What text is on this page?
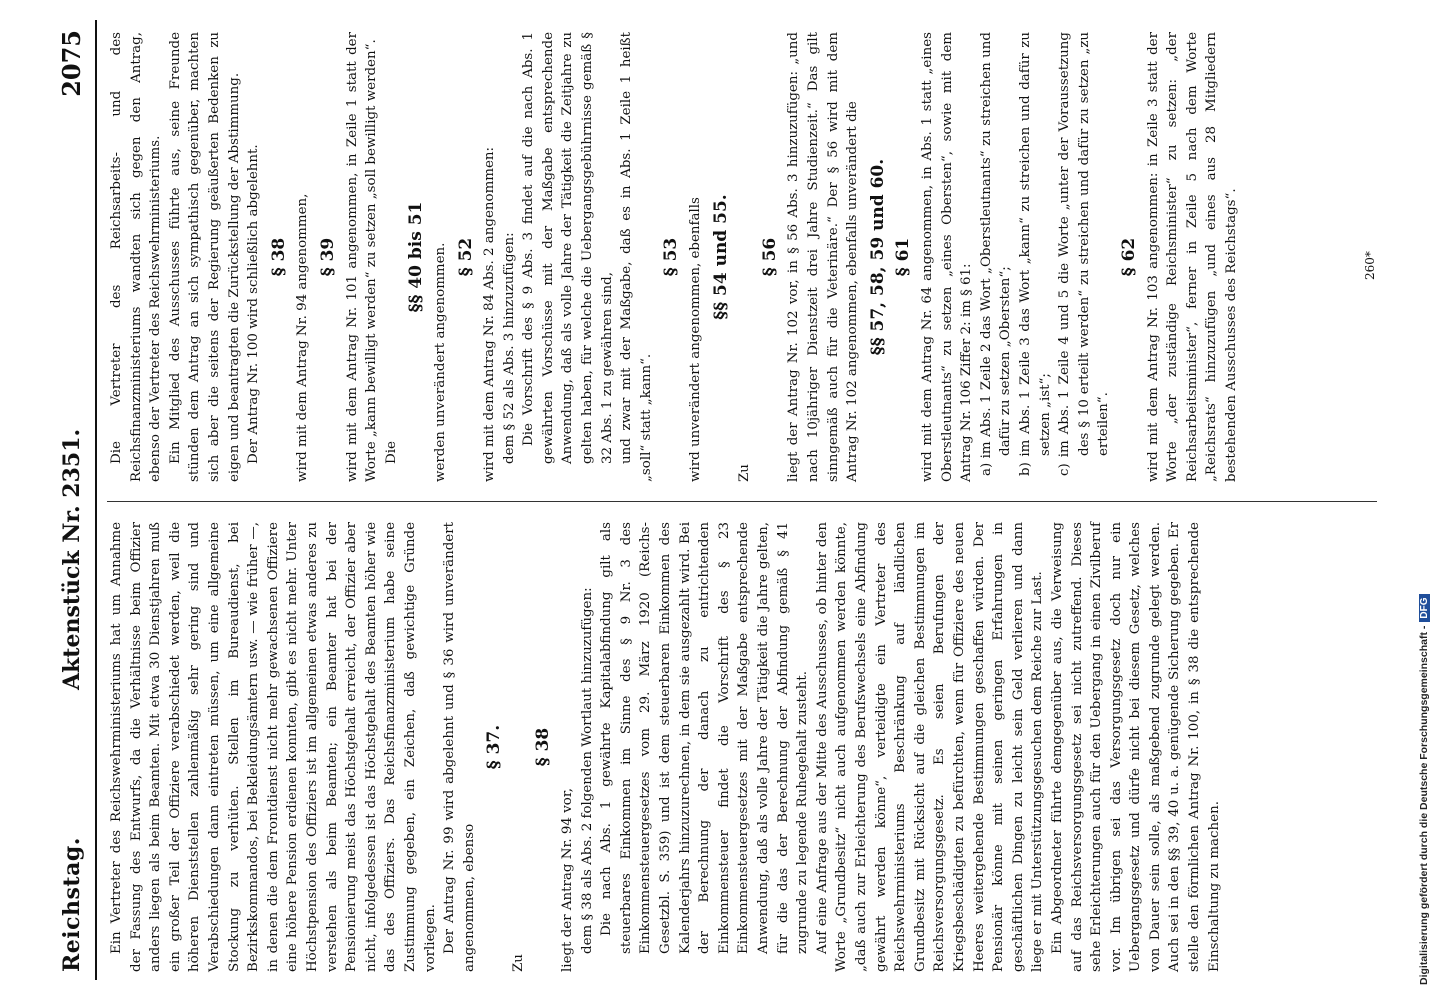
Reichstag.
Aktenstück Nr. 2351.
2075

Ein Vertreter des Reichswehrministeriums hat um Annahme der Fassung des Entwurfs, da die Verhältnisse beim Offizier anders liegen als beim Beamten. Mit etwa 30 Dienstjahren muß ein großer Teil der Offiziere verabschiedet werden, weil die höheren Dienststellen zahlenmäßig sehr gering sind und Verabschiedungen dann eintreten müssen, um eine allgemeine Stockung zu verhüten. Stellen im Bureaudienst, bei Bezirkskommandos, bei Bekleidungsämtern usw. — wie früher —, in denen die dem Frontdienst nicht mehr gewachsenen Offiziere eine höhere Pension erdienen konnten, gibt es nicht mehr. Unter Höchstpension des Offiziers ist im allgemeinen etwas anderes zu verstehen als beim Beamten; ein Beamter hat bei der Pensionierung meist das Höchstgehalt erreicht, der Offizier aber nicht, infolgedessen ist das Höchstgehalt des Beamten höher wie das des Offiziers. Das Reichsfinanzministerium habe seine Zustimmung gegeben, ein Zeichen, daß gewichtige Gründe vorliegen. Der Antrag Nr. 99 wird abgelehnt und § 36 wird unverändert angenommen, ebenso

§ 37.

Zu

§ 38

liegt der Antrag Nr. 94 vor, dem § 38 als Abs. 2 folgenden Wortlaut hinzuzufügen: Die nach Abs. 1 gewährte Kapitalabfindung gilt als steuerbares Einkommen im Sinne des § 9 Nr. 3 des Einkommensteuergesetzes vom 29. März 1920 (Reichs-Gesetzbl. S. 359) und ist dem steuerbaren Einkommen des Kalenderjahrs hinzuzurechnen, in dem sie ausgezahlt wird. Bei der Berechnung der danach zu entrichtenden Einkommensteuer findet die Vorschrift des § 23 Einkommensteuergesetzes mit der Maßgabe entsprechende Anwendung, daß als volle Jahre der Tätigkeit die Jahre gelten, für die das der Berechnung der Abfindung gemäß § 41 zugrunde zu legende Ruhegehalt zusteht. Auf eine Anfrage aus der Mitte des Ausschusses, ob hinter den Worte „Grundbesitz“ nicht auch aufgenommen werden könnte, „daß auch zur Erleichterung des Berufswechsels eine Abfindung gewährt werden könne“, verteidigte ein Vertreter des Reichswehrministeriums Beschränkung auf ländlichen Grundbesitz mit Rücksicht auf die gleichen Bestimmungen im Reichsversorgungsgesetz. Es seien Berufungen der Kriegsbeschädigten zu befürchten, wenn für Offiziere des neuen Heeres weitergehende Bestimmungen geschaffen würden. Der Pensionär könne mit seinen geringen Erfahrungen in geschäftlichen Dingen zu leicht sein Geld verlieren und dann liege er mit Unterstützungsgesuchen dem Reiche zur Last. Ein Abgeordneter führte demgegenüber aus, die Verweisung auf das Reichsversorgungsgesetz sei nicht zutreffend. Dieses sehe Erleichterungen auch für den Uebergang in einen Zivilberuf vor. Im übrigen sei das Versorgungsgesetz doch nur ein Uebergangsgesetz und dürfe nicht bei diesem Gesetz, welches von Dauer sein solle, als maßgebend zugrunde gelegt werden. Auch sei in den §§ 39, 40 u. a. genügende Sicherung gegeben. Er stelle den förmlichen Antrag Nr. 100, in § 38 die entsprechende Einschaltung zu machen.

Die Vertreter des Reichsarbeits- und des Reichsfinanzministeriums wandten sich gegen den Antrag, ebenso der Vertreter des Reichswehrministeriums. Ein Mitglied des Ausschusses führte aus, seine Freunde stünden dem Antrag an sich sympathisch gegenüber, machten sich aber die seitens der Regierung geäußerten Bedenken zu eigen und beantragten die Zurückstellung der Abstimmung. Der Antrag Nr. 100 wird schließlich abgelehnt. § 38 wird mit dem Antrag Nr. 94 angenommen, § 39 wird mit dem Antrag Nr. 101 angenommen, in Zeile 1 statt der Worte „kann bewilligt werden“ zu setzen „soll bewilligt werden“. Die

§§ 40 bis 51 werden unverändert angenommen. § 52 wird mit dem Antrag Nr. 84 Abs. 2 angenommen: dem § 52 als Abs. 3 hinzuzufügen: Die Vorschrift des § 9 Abs. 3 findet auf die nach Abs. 1 gewährten Vorschüsse mit der Maßgabe entsprechende Anwendung, daß als volle Jahre der Tätigkeit die Zeitjahre zu gelten haben, für welche die Uebergangsgebührnisse gemäß § 32 Abs. 1 zu gewähren sind, und zwar mit der Maßgabe, daß es in Abs. 1 Zeile 1 heißt „soll“ statt „kann“.

§ 53 wird unverändert angenommen, ebenfalls §§ 54 und 55.

Zu

§ 56 liegt der Antrag Nr. 102 vor, in § 56 Abs. 3 hinzuzufügen: „und nach 10jähriger Dienstzeit drei Jahre Studienzeit.“ Das gilt sinngemäß auch für die Veterinäre.“ Der § 56 wird mit dem Antrag Nr. 102 angenommen, ebenfalls unverändert die §§ 57, 58, 59 und 60. § 61 wird mit dem Antrag Nr. 64 angenommen, in Abs. 1 statt „eines Oberstleutnants“ zu setzen „eines Obersten“, sowie mit dem Antrag Nr. 106 Ziffer 2: im § 61: a) im Abs. 1 Zeile 2 das Wort „Oberstleutnants“ zu streichen und dafür zu setzen „Obersten“; b) im Abs. 1 Zeile 3 das Wort „kann“ zu streichen und dafür zu setzen „ist“; c) im Abs. 1 Zeile 4 und 5 die Worte „unter der Voraussetzung des § 10 erteilt werden“ zu streichen und dafür zu setzen „zu erteilen“.

§ 62 wird mit dem Antrag Nr. 103 angenommen: in Zeile 3 statt der Worte „der zuständige Reichsminister“ zu setzen: „der Reichsarbeitsminister“, ferner in Zeile 5 nach dem Worte „Reichsrats“ hinzuzufügen „und eines aus 28 Mitgliedern bestehenden Ausschusses des Reichstags“.	260*
Digitalisierung gefördert durch die Deutsche Forschungsgemeinschaft -DFG
